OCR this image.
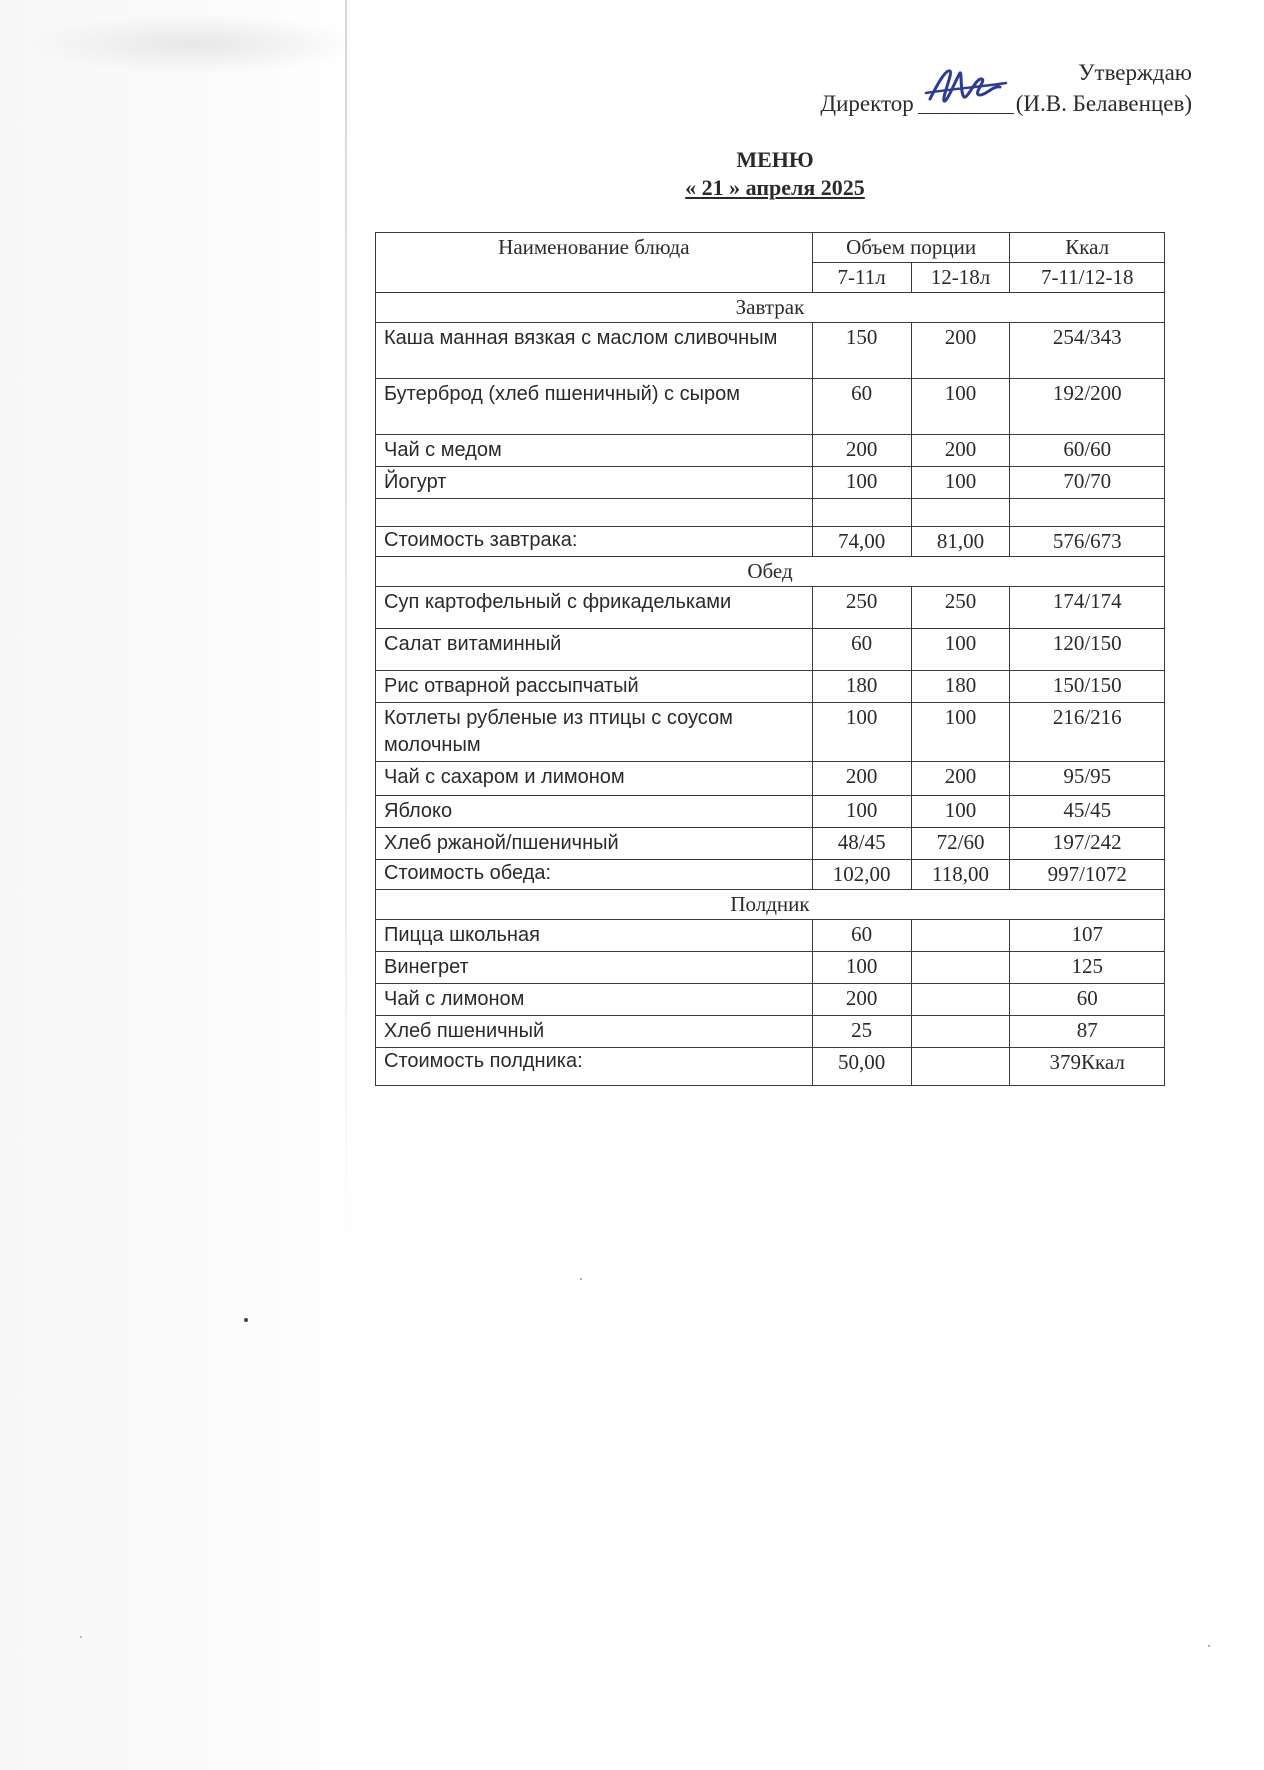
Утверждаю
Директор	(И.В. Белавенцев)
МЕНЮ
« 21 » апреля 2025
Наименование блюда	Объем порции		Ккал
	7-11л	12-18л	7-11/12-18
Завтрак			
Каша манная вязкая с маслом сливочным	150	200	254/343
Бутерброд (хлеб пшеничный) с сыром	60	100	192/200
Чай с медом	200	200	60/60
Йогурт	100	100	70/70

Стоимость завтрака:	74,00	81,00	576/673
Обед			
Суп картофельный с фрикадельками	250	250	174/174
Салат витаминный	60	100	120/150
Рис отварной рассыпчатый	180	180	150/150
Котлеты рубленые из птицы с соусом молочным	100	100	216/216
Чай с сахаром и лимоном	200	200	95/95
Яблоко	100	100	45/45
Хлеб ржаной/пшеничный	48/45	72/60	197/242
Стоимость обеда:	102,00	118,00	997/1072
Полдник			
Пицца школьная	60		107
Винегрет	100		125
Чай с лимоном	200		60
Хлеб пшеничный	25		87
Стоимость полдника:	50,00		379Ккал
